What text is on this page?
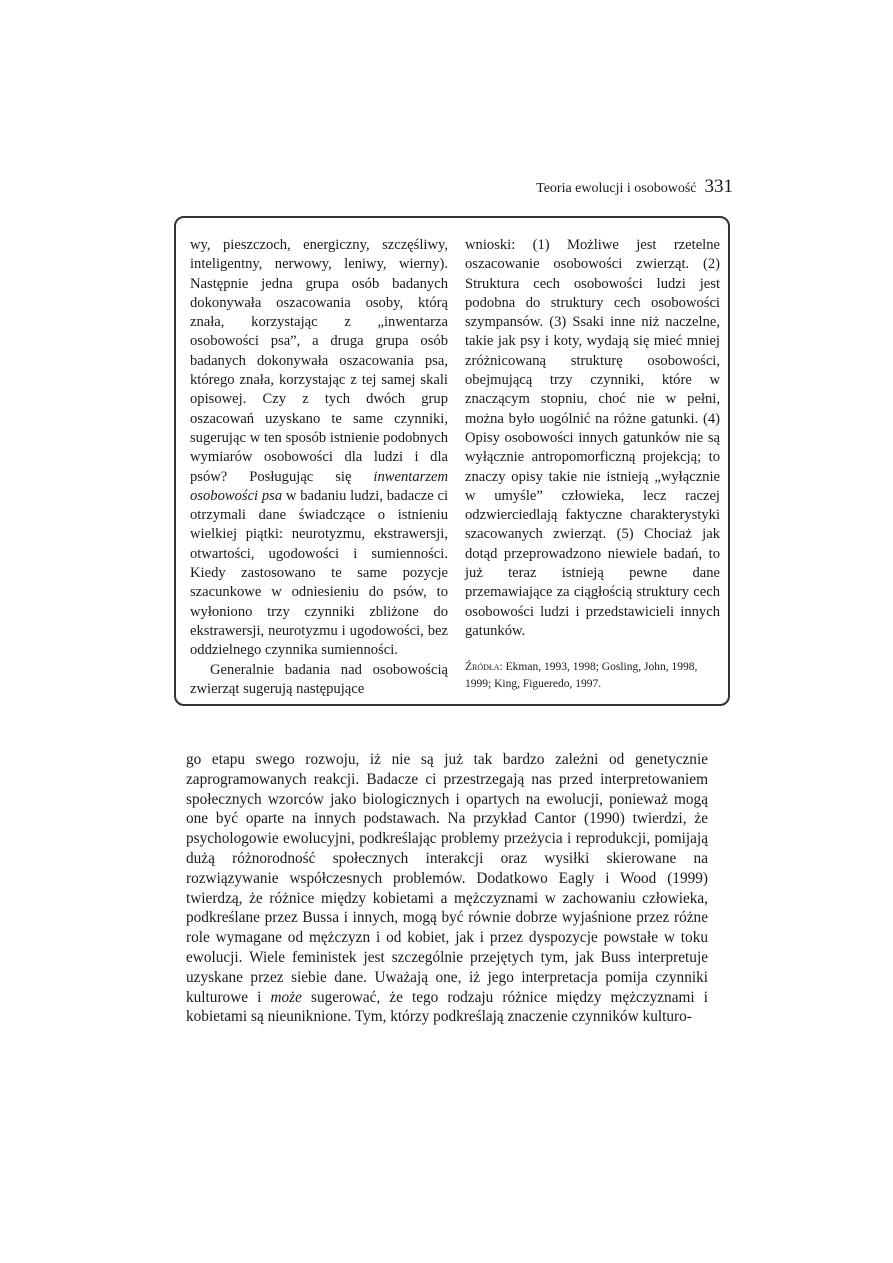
Teoria ewolucji i osobowość 331

wy, pieszczoch, energiczny, szczęśliwy, inteligentny, nerwowy, leniwy, wierny). Następnie jedna grupa osób badanych dokonywała oszacowania osoby, którą znała, korzystając z „inwentarza osobowości psa”, a druga grupa osób badanych dokonywała oszacowania psa, którego znała, korzystając z tej samej skali opisowej. Czy z tych dwóch grup oszacowań uzyskano te same czynniki, sugerując w ten sposób istnienie podobnych wymiarów osobowości dla ludzi i dla psów? Posługując się inwentarzem osobowości psa w badaniu ludzi, badacze ci otrzymali dane świadczące o istnieniu wielkiej piątki: neurotyzmu, ekstrawersji, otwartości, ugodowości i sumienności. Kiedy zastosowano te same pozycje szacunkowe w odniesieniu do psów, to wyłoniono trzy czynniki zbliżone do ekstrawersji, neurotyzmu i ugodowości, bez oddzielnego czynnika sumienności.

Generalnie badania nad osobowością zwierząt sugerują następujące

wnioski: (1) Możliwe jest rzetelne oszacowanie osobowości zwierząt. (2) Struktura cech osobowości ludzi jest podobna do struktury cech osobowości szympansów. (3) Ssaki inne niż naczelne, takie jak psy i koty, wydają się mieć mniej zróżnicowaną strukturę osobowości, obejmującą trzy czynniki, które w znaczącym stopniu, choć nie w pełni, można było uogólnić na różne gatunki. (4) Opisy osobowości innych gatunków nie są wyłącznie antropomorficzną projekcją; to znaczy opisy takie nie istnieją „wyłącznie w umyśle” człowieka, lecz raczej odzwierciedlają faktyczne charakterystyki szacowanych zwierząt. (5) Chociaż jak dotąd przeprowadzono niewiele badań, to już teraz istnieją pewne dane przemawiające za ciągłością struktury cech osobowości ludzi i przedstawicieli innych gatunków.

Źródła: Ekman, 1993, 1998; Gosling, John, 1998, 1999; King, Figueredo, 1997.

go etapu swego rozwoju, iż nie są już tak bardzo zależni od genetycznie zaprogramowanych reakcji. Badacze ci przestrzegają nas przed interpretowaniem społecznych wzorców jako biologicznych i opartych na ewolucji, ponieważ mogą one być oparte na innych podstawach. Na przykład Cantor (1990) twierdzi, że psychologowie ewolucyjni, podkreślając problemy przeżycia i reprodukcji, pomijają dużą różnorodność społecznych interakcji oraz wysiłki skierowane na rozwiązywanie współczesnych problemów. Dodatkowo Eagly i Wood (1999) twierdzą, że różnice między kobietami a mężczyznami w zachowaniu człowieka, podkreślane przez Bussa i innych, mogą być równie dobrze wyjaśnione przez różne role wymagane od mężczyzn i od kobiet, jak i przez dyspozycje powstałe w toku ewolucji. Wiele feministek jest szczególnie przejętych tym, jak Buss interpretuje uzyskane przez siebie dane. Uważają one, iż jego interpretacja pomija czynniki kulturowe i może sugerować, że tego rodzaju różnice między mężczyznami i kobietami są nieuniknione. Tym, którzy podkreślają znaczenie czynników kulturo-
